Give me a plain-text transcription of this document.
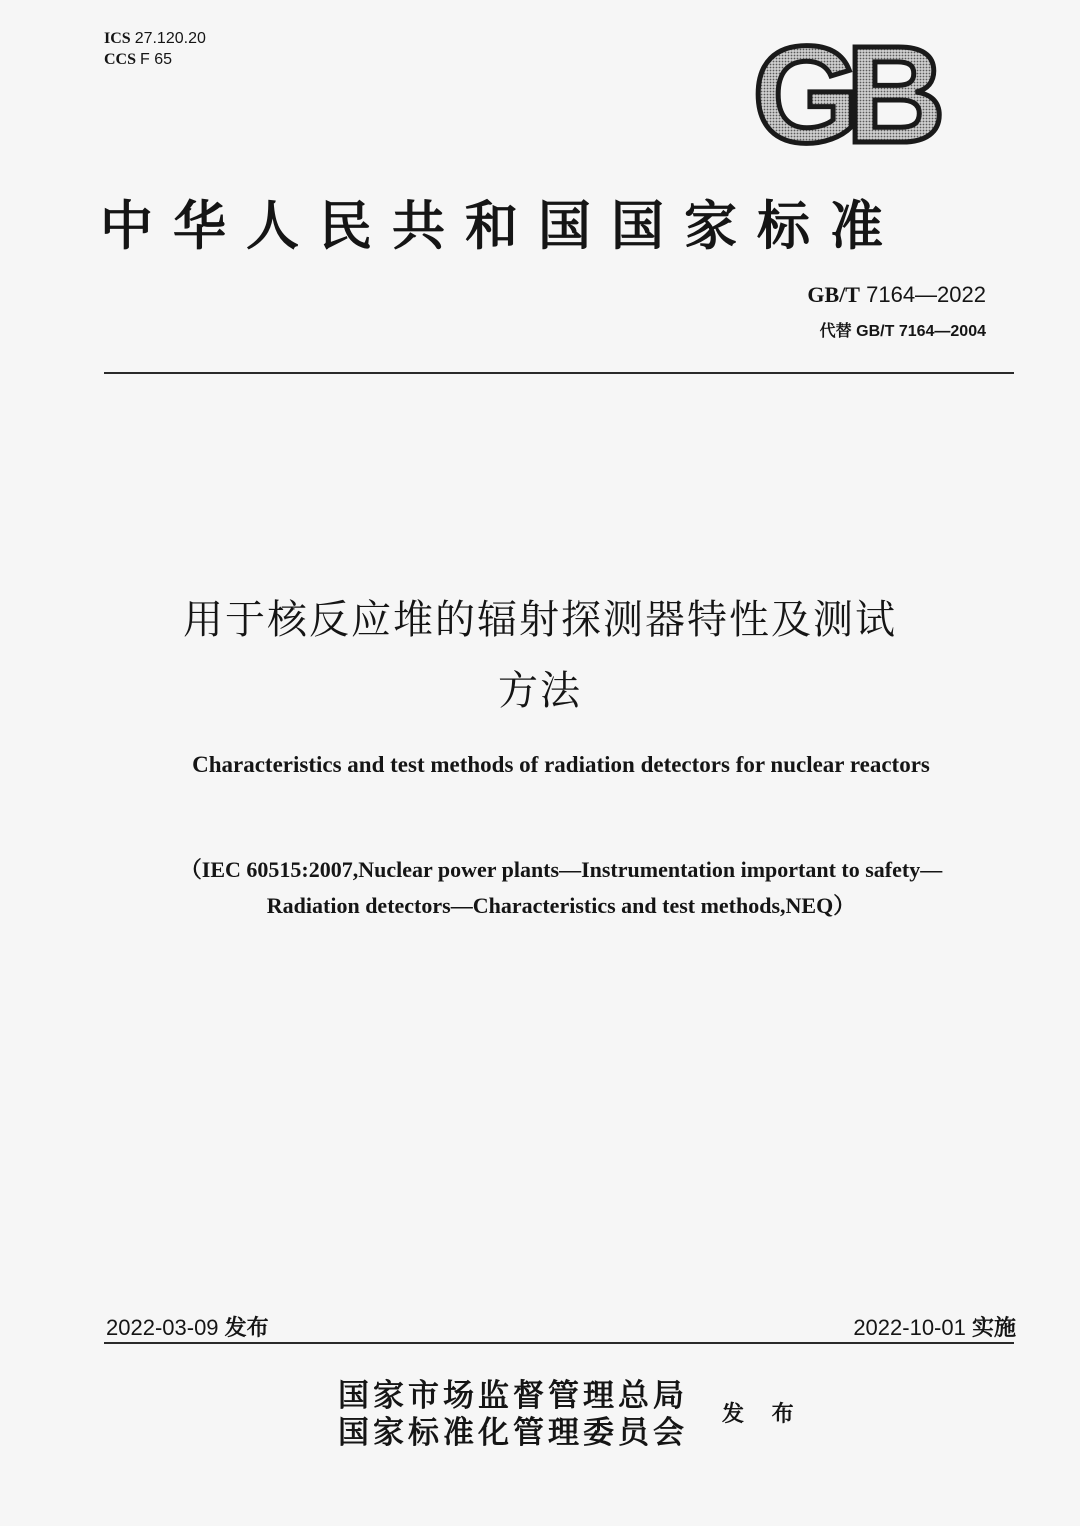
ICS 27.120.20
CCS F 65	GB
中华人民共和国国家标准
GB/T 7164—2022
代替 GB/T 7164—2004
用于核反应堆的辐射探测器特性及测试
方法
Characteristics and test methods of radiation detectors for nuclear reactors
（IEC 60515:2007,Nuclear power plants—Instrumentation important to safety—
Radiation detectors—Characteristics and test methods,NEQ）
2022-03-09 发布	2022-10-01 实施
国家市场监督管理总局
国家标准化管理委员会
发 布
